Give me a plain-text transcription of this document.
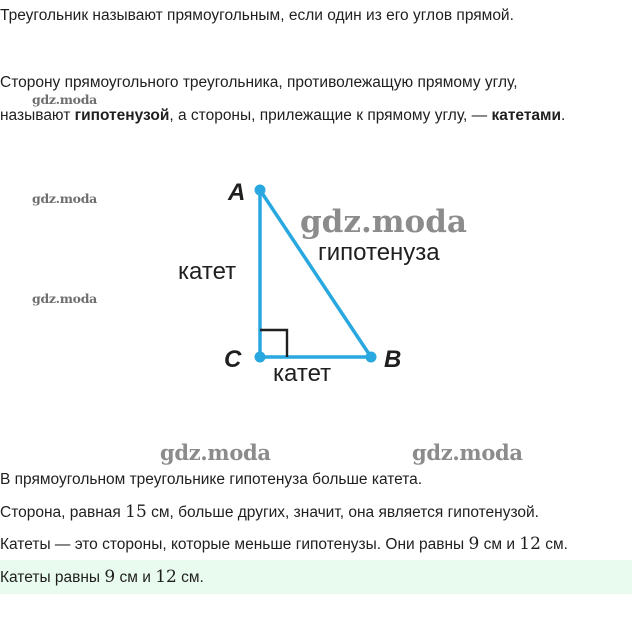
Треугольник называют прямоугольным, если один из его углов прямой.
Сторону прямоугольного треугольника, противолежащую прямому углу,
называют гипотенузой, а стороны, прилежащие к прямому углу, — катетами.
gdz.moda
gdz.moda
gdz.moda
gdz.moda	gdz.moda
A
C	B
катет
катет
gdz.moda
гипотенуза
В прямоугольном треугольнике гипотенуза больше катета.
Сторона, равная 15 см, больше других, значит, она является гипотенузой.
Катеты — это стороны, которые меньше гипотенузы. Они равны 9 см и 12 см.
Катеты равны 9 см и 12 см.
